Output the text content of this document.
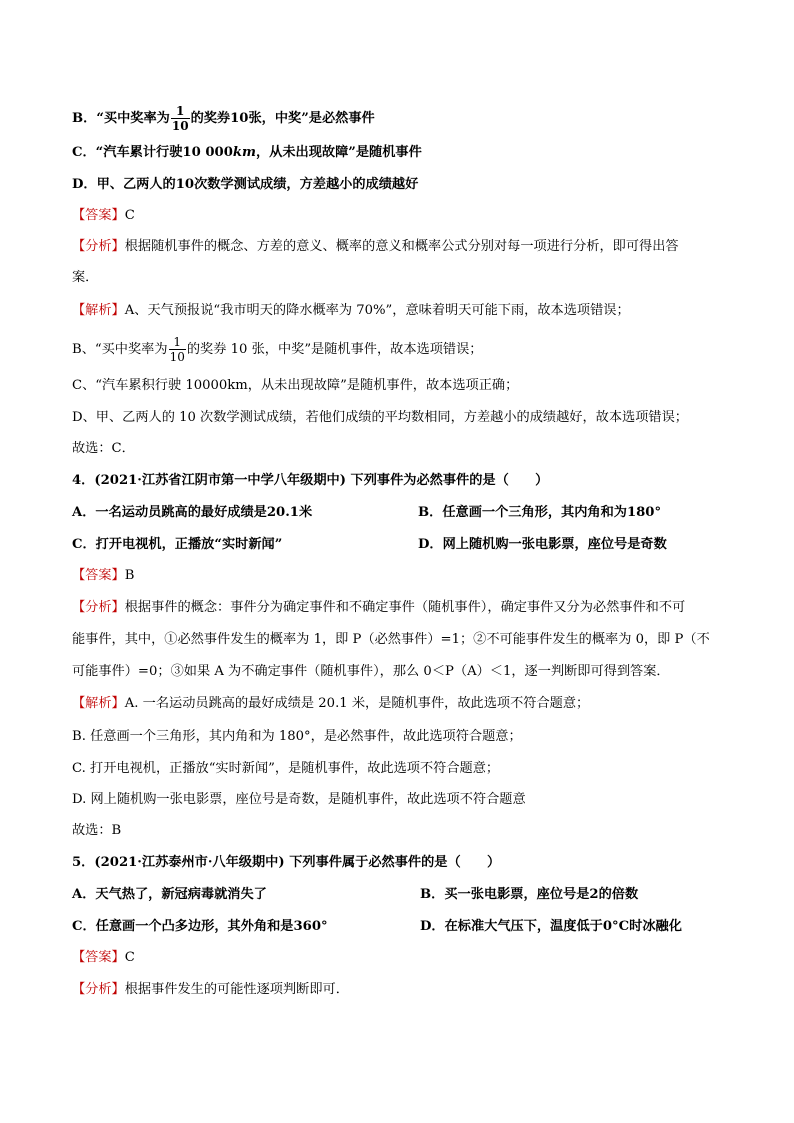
B．“买中奖率为 $\frac{1}{10}$ 的奖券10张，中奖”是必然事件
C．“汽车累计行驶10 000km，从未出现故障”是随机事件
D．甲、乙两人的10次数学测试成绩，方差越小的成绩越好
【答案】C
【分析】根据随机事件的概念、方差的意义、概率的意义和概率公式分别对每一项进行分析，即可得出答
案．
【解析】A、天气预报说“我市明天的降水概率为 70%”，意味着明天可能下雨，故本选项错误；
B、“买中奖率为 $\frac{1}{10}$ 的奖券 10 张，中奖”是随机事件，故本选项错误；
C、“汽车累积行驶 10000km，从未出现故障”是随机事件，故本选项正确；
D、甲、乙两人的 10 次数学测试成绩，若他们成绩的平均数相同，方差越小的成绩越好，故本选项错误；
故选：C．
4．(2021·江苏省江阴市第一中学八年级期中) 下列事件为必然事件的是（　　）
A．一名运动员跳高的最好成绩是20.1米	B．任意画一个三角形，其内角和为180°
C．打开电视机，正播放“实时新闻”	D．网上随机购一张电影票，座位号是奇数
【答案】B
【分析】根据事件的概念：事件分为确定事件和不确定事件（随机事件），确定事件又分为必然事件和不可
能事件，其中，①必然事件发生的概率为 1，即 P（必然事件）=1；②不可能事件发生的概率为 0，即 P（不
可能事件）=0；③如果 A 为不确定事件（随机事件），那么 0＜P（A）＜1，逐一判断即可得到答案．
【解析】A. 一名运动员跳高的最好成绩是 20.1 米，是随机事件，故此选项不符合题意；
B. 任意画一个三角形，其内角和为 180°，是必然事件，故此选项符合题意；
C. 打开电视机，正播放“实时新闻”，是随机事件，故此选项不符合题意；
D. 网上随机购一张电影票，座位号是奇数，是随机事件，故此选项不符合题意
故选：B
5．(2021·江苏泰州市·八年级期中) 下列事件属于必然事件的是（　　）
A．天气热了，新冠病毒就消失了	B．买一张电影票，座位号是2的倍数
C．任意画一个凸多边形，其外角和是360°	D．在标准大气压下，温度低于0°C时冰融化
【答案】C
【分析】根据事件发生的可能性逐项判断即可．
